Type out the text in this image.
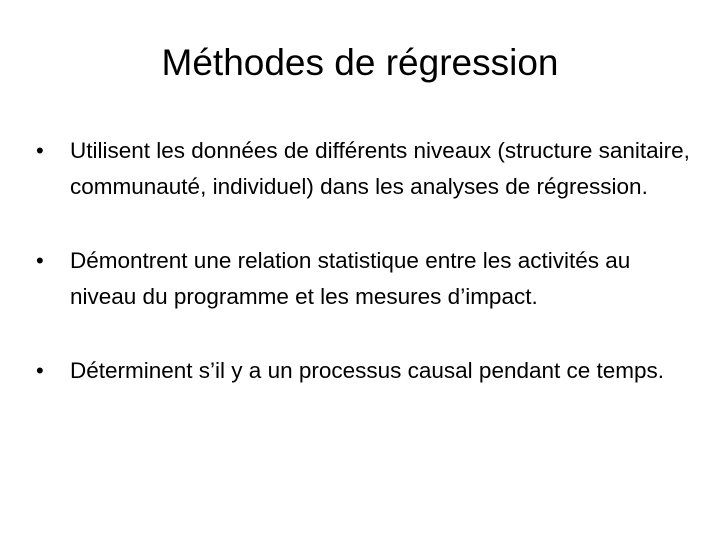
Méthodes de régression
•	Utilisent les données de différents niveaux (structure sanitaire, communauté, individuel) dans les analyses de régression.
•	Démontrent une relation statistique entre les activités au niveau du programme et les mesures d’impact.
•	Déterminent s’il y a un processus causal pendant ce temps.
